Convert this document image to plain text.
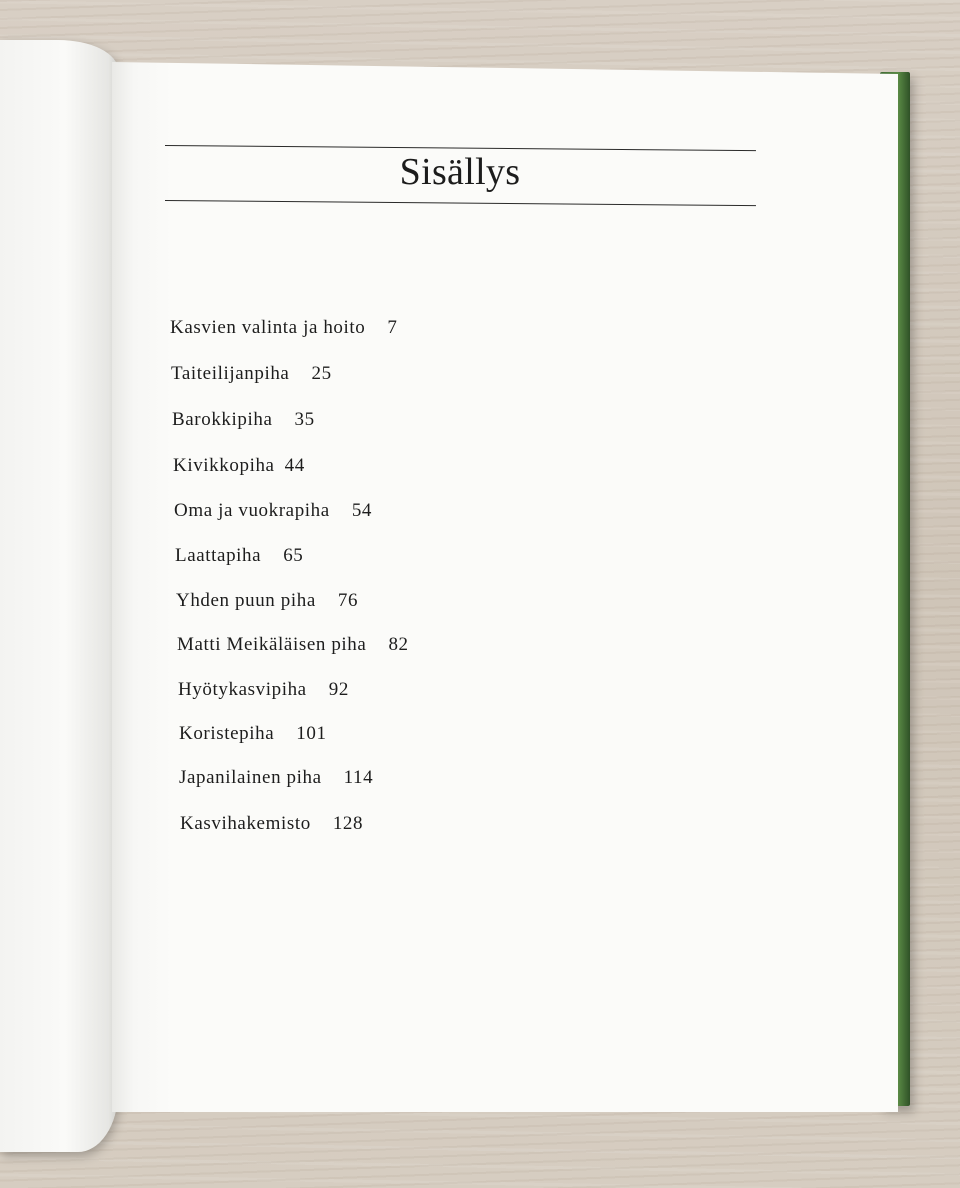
Sisällys
Kasvien valinta ja hoito 7
Taiteilijanpiha 25
Barokkipiha 35
Kivikkopiha 44
Oma ja vuokrapiha 54
Laattapiha 65
Yhden puun piha 76
Matti Meikäläisen piha 82
Hyötykasvipiha 92
Koristepiha 101
Japanilainen piha 114
Kasvihakemisto 128
